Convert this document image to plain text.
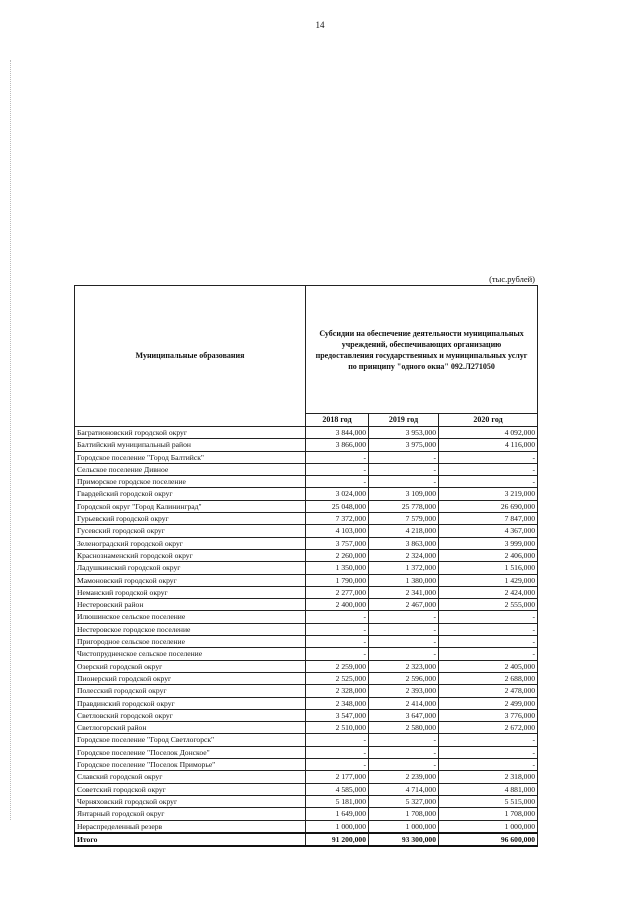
14
(тыс.рублей)
Муниципальные образования	Субсидии на обеспечение деятельности муниципальных учреждений, обеспечивающих организацию предоставления государственных и муниципальных услуг по принципу "одного окна" 092.Л271050		
	2018 год	2019 год	2020 год
Багратионовский городской округ	3 844,000	3 953,000	4 092,000
Балтийский муниципальный район	3 866,000	3 975,000	4 116,000
Городское поселение "Город Балтийск"	-	-	-
Сельское поселение Дивное	-	-	-
Приморское городское поселение	-	-	-
Гвардейский городской округ	3 024,000	3 109,000	3 219,000
Городской округ "Город Калининград"	25 048,000	25 778,000	26 690,000
Гурьевский городской округ	7 372,000	7 579,000	7 847,000
Гусевский городской округ	4 103,000	4 218,000	4 367,000
Зеленоградский городской округ	3 757,000	3 863,000	3 999,000
Краснознаменский городской округ	2 260,000	2 324,000	2 406,000
Ладушкинский городской округ	1 350,000	1 372,000	1 516,000
Мамоновский городской округ	1 790,000	1 380,000	1 429,000
Неманский городской округ	2 277,000	2 341,000	2 424,000
Нестеровский район	2 400,000	2 467,000	2 555,000
Илюшинское сельское поселение	-	-	-
Нестеровское городское поселение	-	-	-
Пригородное сельское поселение	-	-	-
Чистопрудненское сельское поселение	-	-	-
Озерский городской округ	2 259,000	2 323,000	2 405,000
Пионерский городской округ	2 525,000	2 596,000	2 688,000
Полесский городской округ	2 328,000	2 393,000	2 478,000
Правдинский городской округ	2 348,000	2 414,000	2 499,000
Светловский городской округ	3 547,000	3 647,000	3 776,000
Светлогорский район	2 510,000	2 580,000	2 672,000
Городское поселение "Город Светлогорск"	-	-	-
Городское поселение "Поселок Донское"	-	-	-
Городское поселение "Поселок Приморье"	-	-	-
Славский городской округ	2 177,000	2 239,000	2 318,000
Советский городской округ	4 585,000	4 714,000	4 881,000
Черняховский городской округ	5 181,000	5 327,000	5 515,000
Янтарный городской округ	1 649,000	1 708,000	1 708,000
Нераспределенный резерв	1 000,000	1 000,000	1 000,000
Итого	91 200,000	93 300,000	96 600,000
